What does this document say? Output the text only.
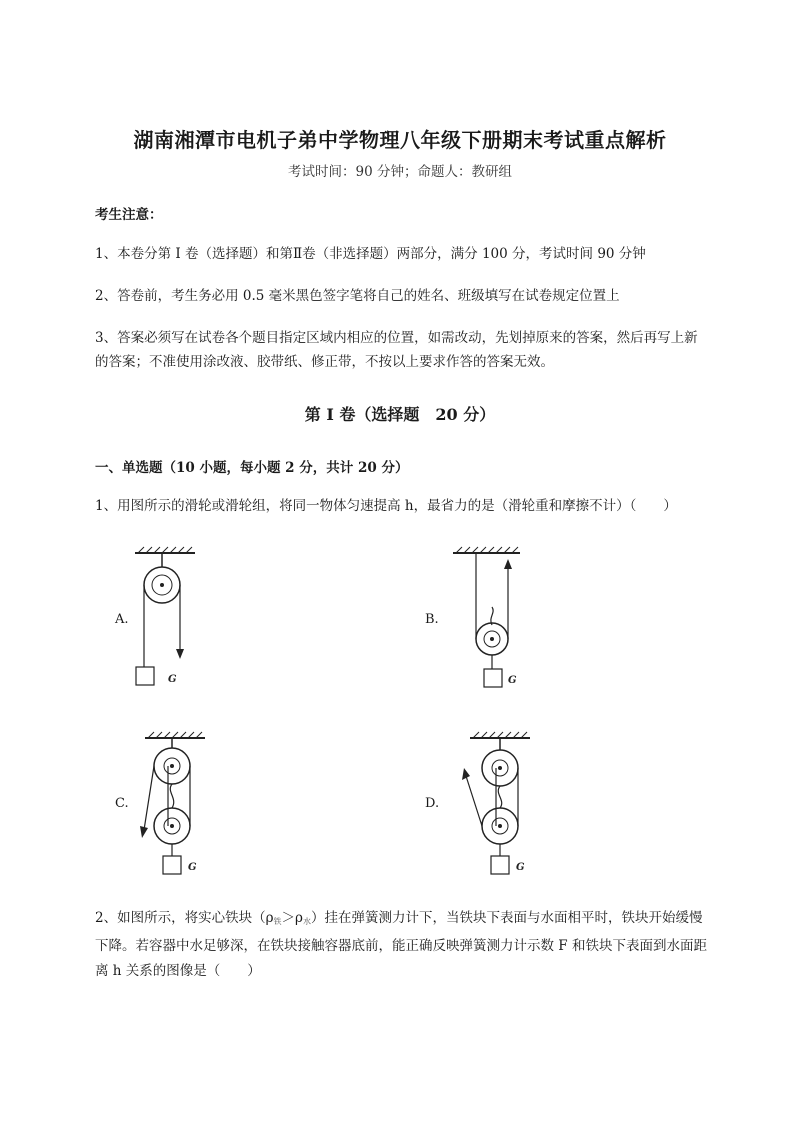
湖南湘潭市电机子弟中学物理八年级下册期末考试重点解析
考试时间：90 分钟；命题人：教研组
考生注意：
1、本卷分第 I 卷（选择题）和第Ⅱ卷（非选择题）两部分，满分 100 分，考试时间 90 分钟
2、答卷前，考生务必用 0.5 毫米黑色签字笔将自己的姓名、班级填写在试卷规定位置上
3、答案必须写在试卷各个题目指定区域内相应的位置，如需改动，先划掉原来的答案，然后再写上新的答案；不准使用涂改液、胶带纸、修正带，不按以上要求作答的答案无效。
第 I 卷（选择题　20 分）
一、单选题（10 小题，每小题 2 分，共计 20 分）
1、用图所示的滑轮或滑轮组，将同一物体匀速提高 h，最省力的是（滑轮重和摩擦不计）（　　）
A.
G
B.
G
C.
G
D.
G
2、如图所示，将实心铁块$(\rho_铁>\rho_水)$挂在弹簧测力计下，当铁块下表面与水面相平时，铁块开始缓慢下降。若容器中水足够深，在铁块接触容器底前，能正确反映弹簧测力计示数 F 和铁块下表面到水面距离 h 关系的图像是（　　）
